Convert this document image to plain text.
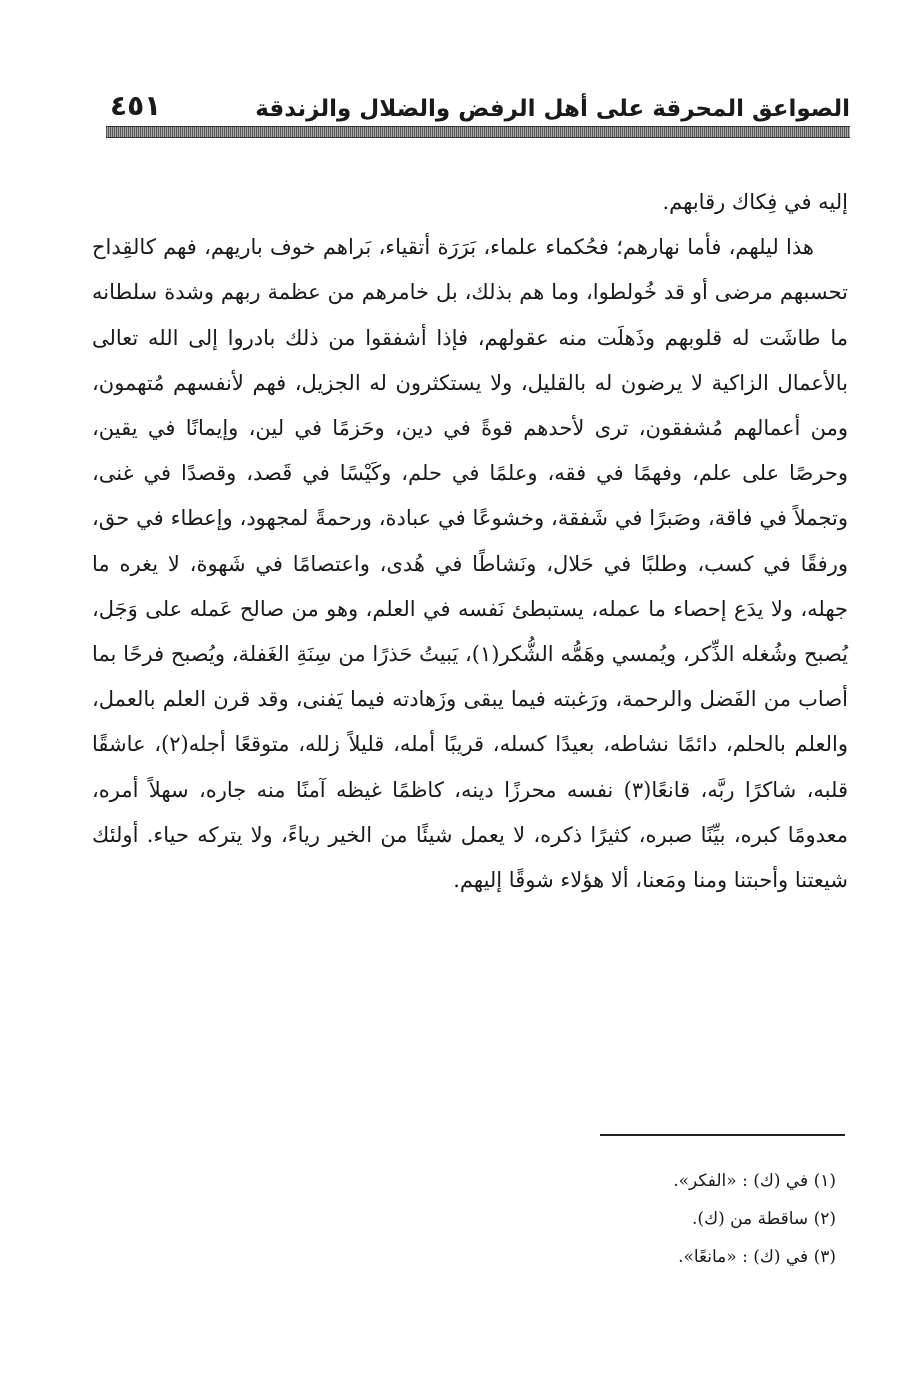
الصواعق المحرقة على أهل الرفض والضلال والزندقة
٤٥١

إليه في فِكاك رقابهم.

هذا ليلهم، فأما نهارهم؛ فحُكماء علماء، بَرَرَة أتقياء، بَراهم خوف باريهم، فهم كالقِداح تحسبهم مرضى أو قد خُولطوا، وما هم بذلك، بل خامرهم من عظمة ربهم وشدة سلطانه ما طاشَت له قلوبهم وذَهلَت منه عقولهم، فإذا أشفقوا من ذلك بادروا إلى الله تعالى بالأعمال الزاكية لا يرضون له بالقليل، ولا يستكثرون له الجزيل، فهم لأنفسهم مُتهمون، ومن أعمالهم مُشفقون، ترى لأحدهم قوةً في دين، وحَزمًا في لين، وإيمانًا في يقين، وحرصًا على علم، وفهمًا في فقه، وعلمًا في حلم، وكَيْسًا في قَصد، وقصدًا في غنى، وتجملاً في فاقة، وصَبرًا في شَفقة، وخشوعًا في عبادة، ورحمةً لمجهود، وإعطاء في حق، ورفقًا في كسب، وطلبًا في حَلال، ونَشاطًا في هُدى، واعتصامًا في شَهوة، لا يغره ما جهله، ولا يدَع إحصاء ما عمله، يستبطئ نَفسه في العلم، وهو من صالح عَمله على وَجَل، يُصبح وشُغله الذِّكر، ويُمسي وهَمُّه الشُّكر(١)، يَبيتُ حَذرًا من سِنَةِ الغَفلة، ويُصبح فرحًا بما أصاب من الفَضل والرحمة، ورَغبته فيما يبقى وزَهادته فيما يَفنى، وقد قرن العلم بالعمل، والعلم بالحلم، دائمًا نشاطه، بعيدًا كسله، قريبًا أمله، قليلاً زلله، متوقعًا أجله(٢)، عاشقًا قلبه، شاكرًا ربَّه، قانعًا(٣) نفسه محرزًا دينه، كاظمًا غيظه آمنًا منه جاره، سهلاً أمره، معدومًا كبره، بيِّنًا صبره، كثيرًا ذكره، لا يعمل شيئًا من الخير رياءً، ولا يتركه حياء. أولئك شيعتنا وأحبتنا ومنا ومَعنا، ألا هؤلاء شوقًا إليهم.

(١) في (ك) : «الفكر».
(٢) ساقطة من (ك).
(٣) في (ك) : «مانعًا».
